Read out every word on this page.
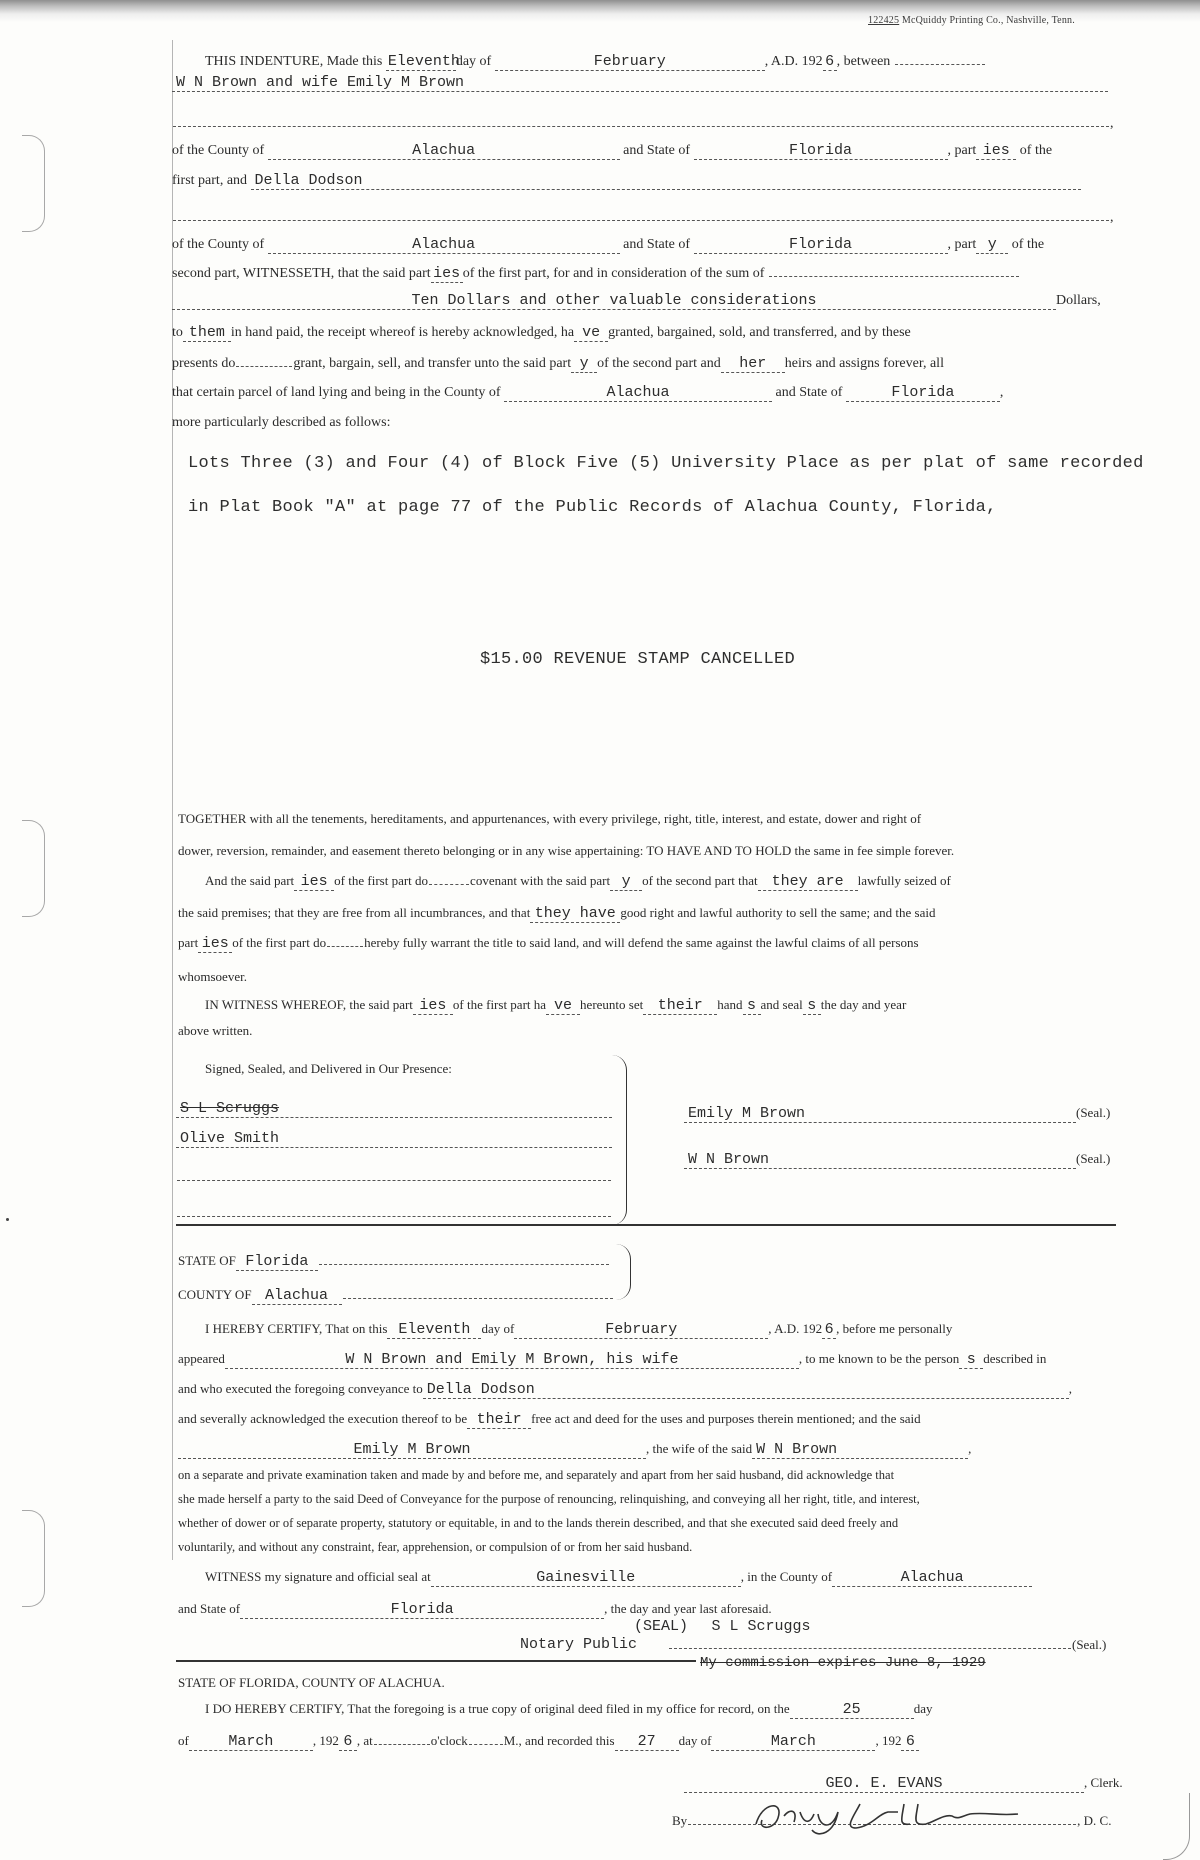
122425 McQuiddy Printing Co., Nashville, Tenn.
THIS INDENTURE, Made this Eleventhday of	February	, A.D. 192 6 , between
W N Brown and wife Emily M Brown
,
of the County of	Alachua	and State of	Florida	, part ies of the
first part, and Della Dodson
,
of the County of	Alachua	and State of	Florida	, part y of the
second part, WITNESSETH, that the said part ies of the first part, for and in consideration of the sum of
Ten Dollars and other valuable considerations	Dollars,
to them in hand paid, the receipt whereof is hereby acknowledged, ha ve granted, bargained, sold, and transferred, and by these
presents do	grant, bargain, sell, and transfer unto the said part y of the second part and her heirs and assigns forever, all
that certain parcel of land lying and being in the County of	Alachua	and State of	Florida	,
more particularly described as follows:
Lots Three (3) and Four (4) of Block Five (5) University Place as per plat of same recorded
in Plat Book "A" at page 77 of the Public Records of Alachua County, Florida,
$15.00 REVENUE STAMP CANCELLED
TOGETHER with all the tenements, hereditaments, and appurtenances, with every privilege, right, title, interest, and estate, dower and right of
dower, reversion, remainder, and easement thereto belonging or in any wise appertaining: TO HAVE AND TO HOLD the same in fee simple forever.
And the said part ies of the first part do	covenant with the said part y of the second part that they are lawfully seized of
the said premises; that they are free from all incumbrances, and that they have good right and lawful authority to sell the same; and the said
part ies of the first part do	hereby fully warrant the title to said land, and will defend the same against the lawful claims of all persons
whomsoever.
IN WITNESS WHEREOF, the said part ies of the first part ha ve hereunto set their hand s and seal s the day and year
above written.
Signed, Sealed, and Delivered in Our Presence:
S L Scruggs
Olive Smith
Emily M Brown	(Seal.)
W N Brown	(Seal.)
STATE OF Florida
COUNTY OF Alachua
I HEREBY CERTIFY, That on this Eleventh day of	February	, A.D. 192 6 , before me personally
appeared	W N Brown and Emily M Brown, his wife	, to me known to be the person s described in
and who executed the foregoing conveyance to Della Dodson	,
and severally acknowledged the execution thereof to be their free act and deed for the uses and purposes therein mentioned; and the said
Emily M Brown	, the wife of the said W N Brown	,
on a separate and private examination taken and made by and before me, and separately and apart from her said husband, did acknowledge that
she made herself a party to the said Deed of Conveyance for the purpose of renouncing, relinquishing, and conveying all her right, title, and interest,
whether of dower or of separate property, statutory or equitable, in and to the lands therein described, and that she executed said deed freely and
voluntarily, and without any constraint, fear, apprehension, or compulsion of or from her said husband.
WITNESS my signature and official seal at	Gainesville	, in the County of	Alachua
and State of	Florida	, the day and year last aforesaid.
(SEAL) S L Scruggs
Notary Public	(Seal.)
My commission expires June 8, 1929
STATE OF FLORIDA, COUNTY OF ALACHUA.
I DO HEREBY CERTIFY, That the foregoing is a true copy of original deed filed in my office for record, on the	25	day
of	March	, 192 6 , at	o'clock	M., and recorded this 27 day of	March	, 192 6
GEO. E. EVANS	, Clerk.
By	, D. C.
